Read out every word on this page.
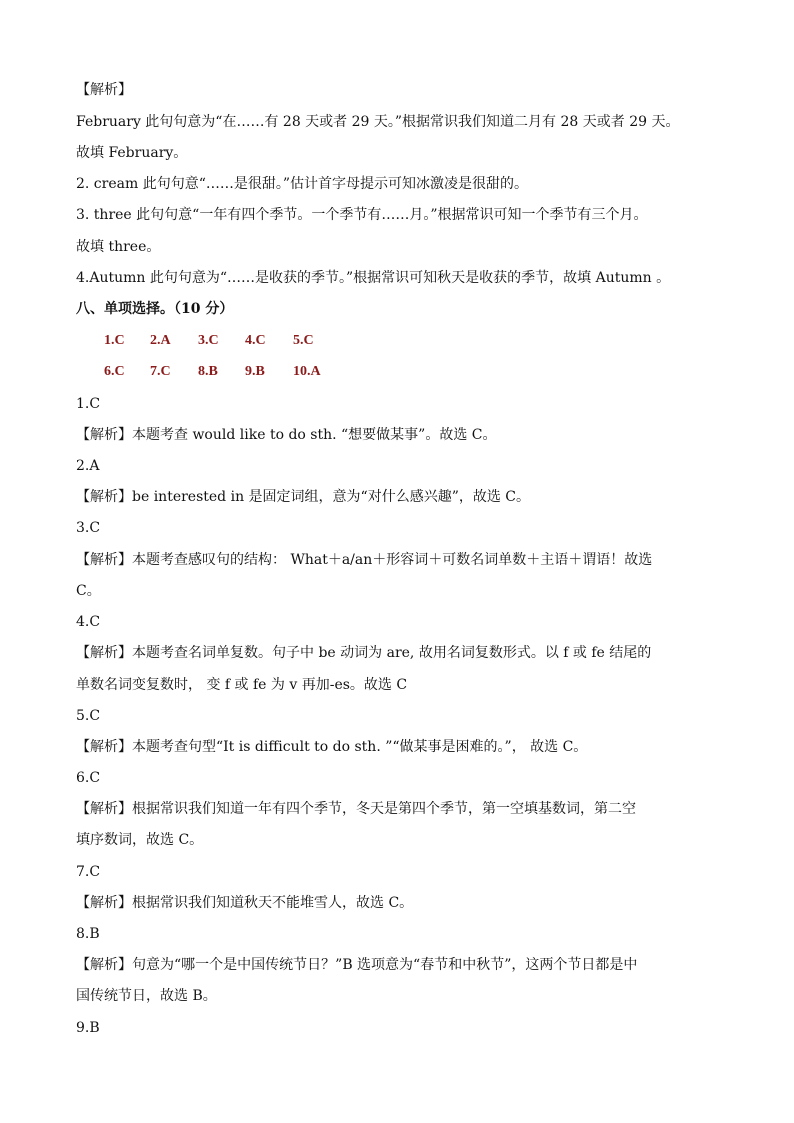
【解析】
February 此句句意为“在……有 28 天或者 29 天。”根据常识我们知道二月有 28 天或者 29 天。
故填 February。
2. cream 此句句意“……是很甜。”估计首字母提示可知冰激凌是很甜的。
3. three 此句句意“一年有四个季节。一个季节有……月。”根据常识可知一个季节有三个月。
故填 three。
4.Autumn 此句句意为“……是收获的季节。”根据常识可知秋天是收获的季节，故填 Autumn 。
八、单项选择。（10 分）
1.C 2.A 3.C 4.C 5.C
6.C 7.C 8.B 9.B 10.A
1.C
【解析】本题考查 would like to do sth. “想要做某事”。故选 C。
2.A
【解析】be interested in 是固定词组，意为“对什么感兴趣”，故选 C。
3.C
【解析】本题考查感叹句的结构： What＋a/an＋形容词＋可数名词单数＋主语＋谓语！故选
C。
4.C
【解析】本题考查名词单复数。句子中 be 动词为 are, 故用名词复数形式。以 f 或 fe 结尾的
单数名词变复数时， 变 f 或 fe 为 v 再加-es。故选 C
5.C
【解析】本题考查句型“It is difficult to do sth. ”“做某事是困难的。”， 故选 C。
6.C
【解析】根据常识我们知道一年有四个季节，冬天是第四个季节，第一空填基数词，第二空
填序数词，故选 C。
7.C
【解析】根据常识我们知道秋天不能堆雪人，故选 C。
8.B
【解析】句意为“哪一个是中国传统节日？”B 选项意为“春节和中秋节”，这两个节日都是中
国传统节日，故选 B。
9.B
